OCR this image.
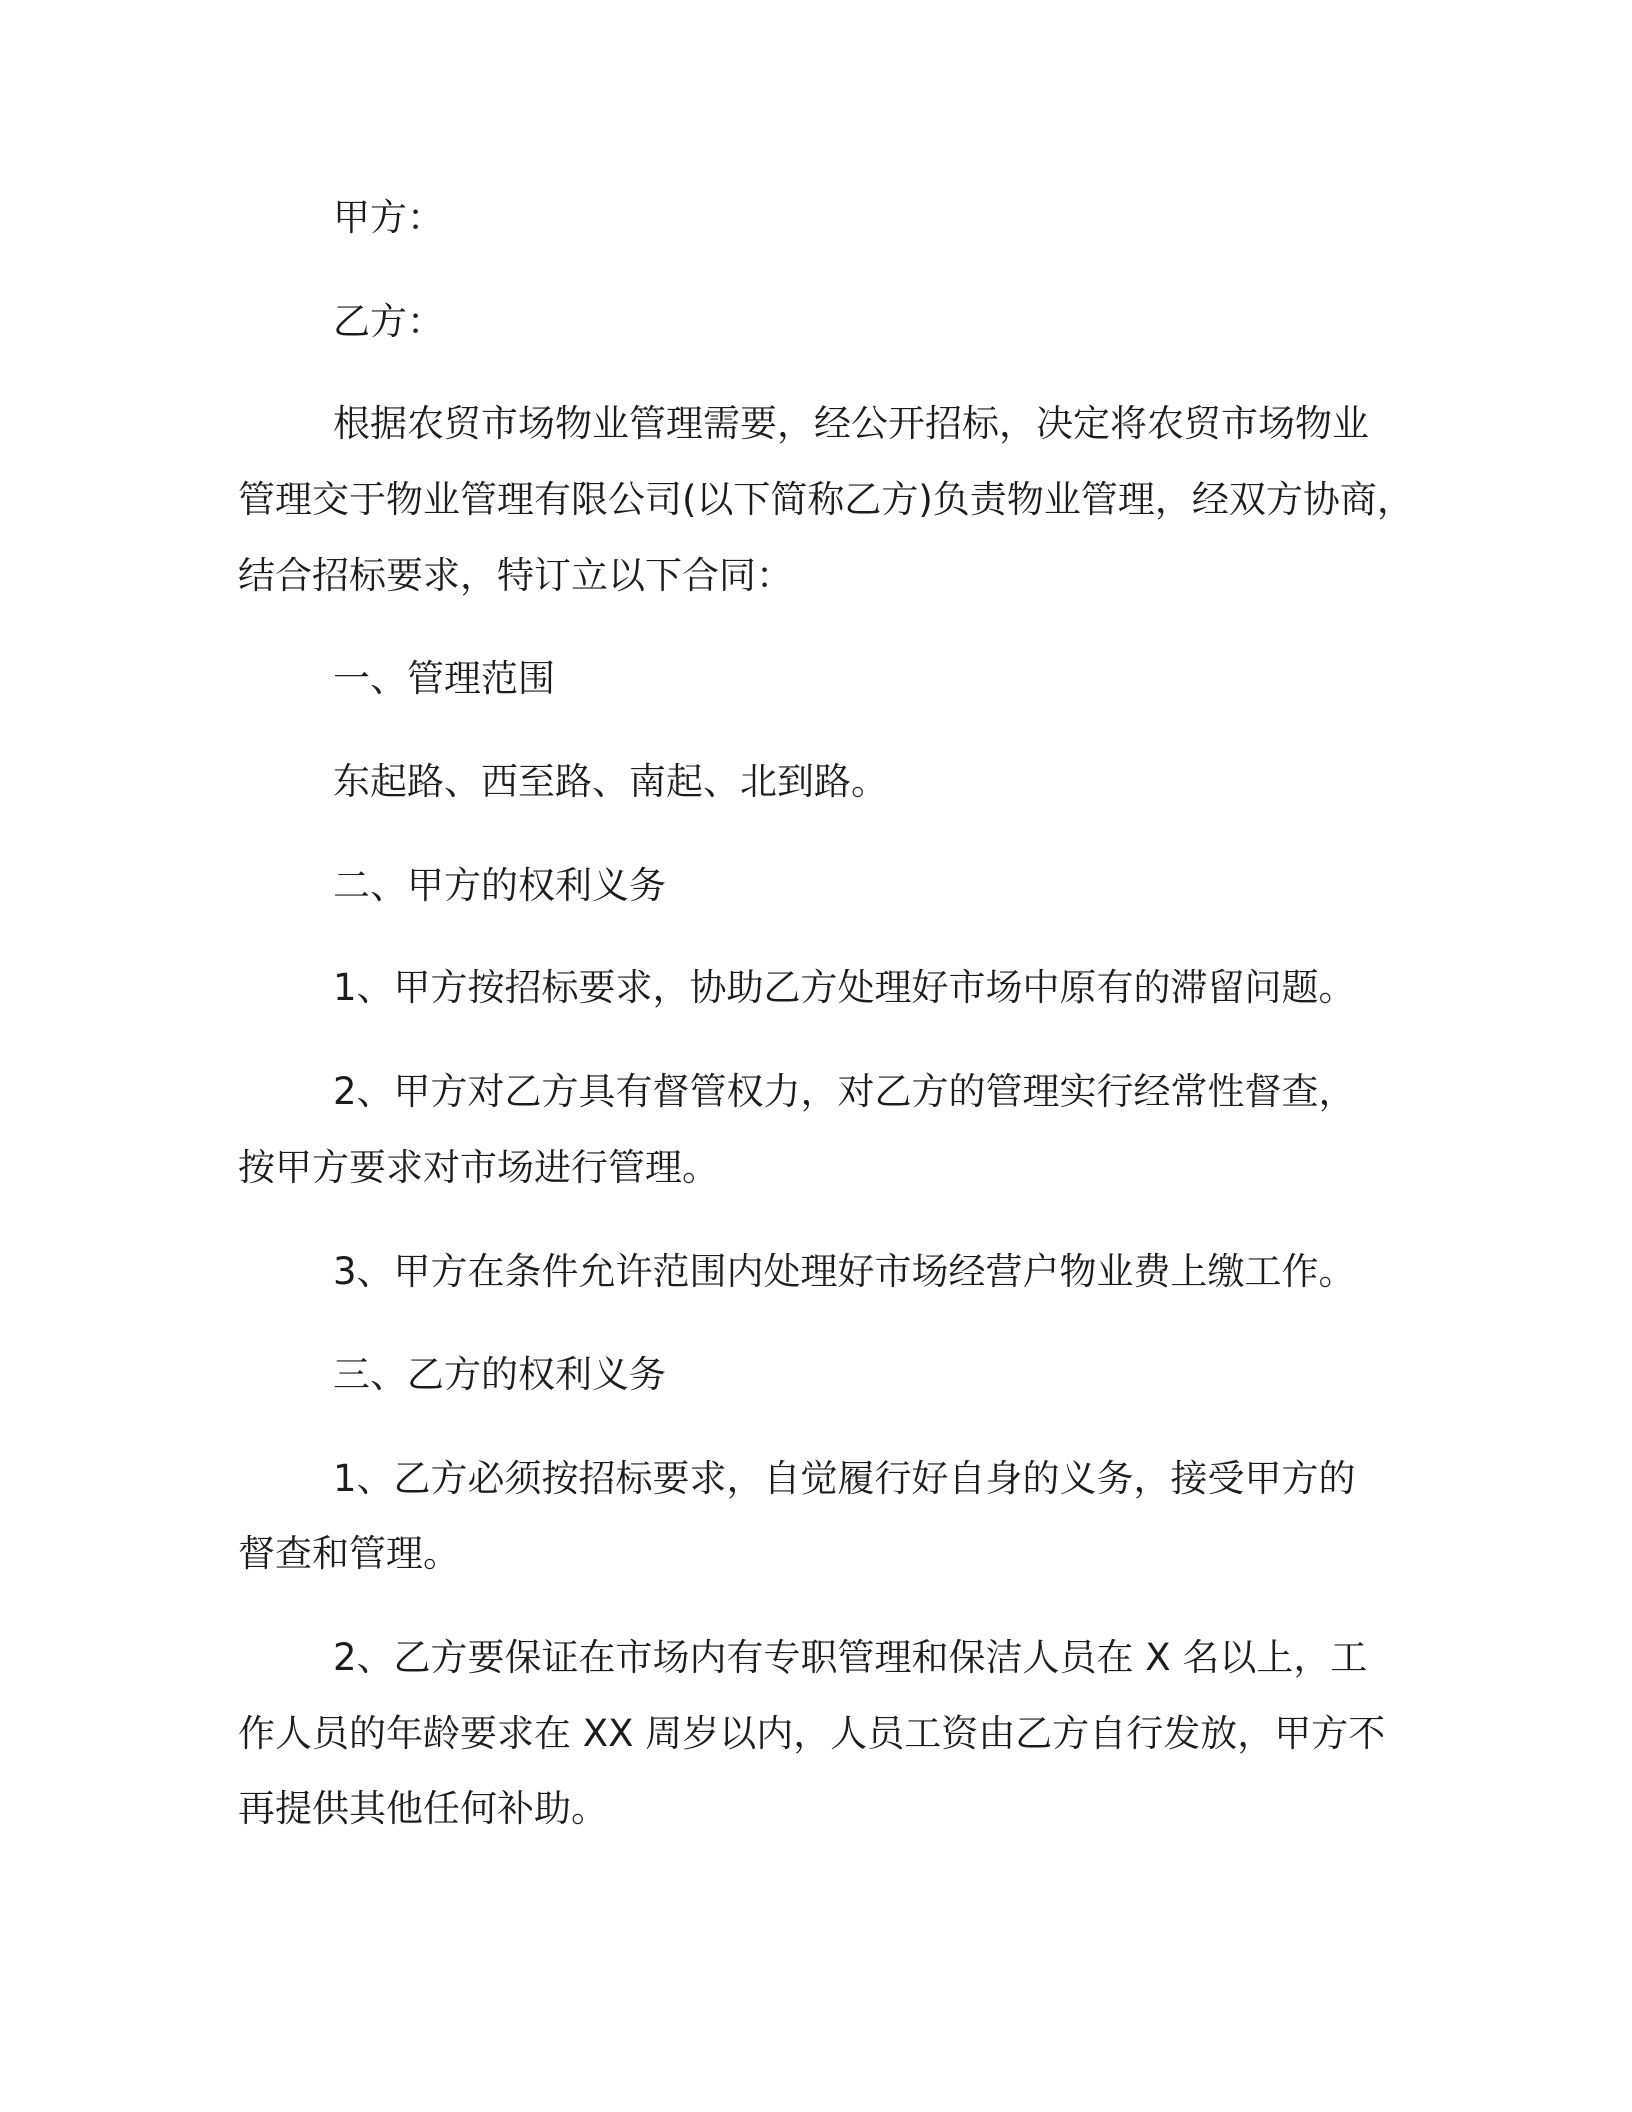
甲方：
乙方：
根据农贸市场物业管理需要，经公开招标，决定将农贸市场物业
管理交于物业管理有限公司(以下简称乙方)负责物业管理，经双方协商，
结合招标要求，特订立以下合同：
一、管理范围
东起路、西至路、南起、北到路。
二、甲方的权利义务
1、甲方按招标要求，协助乙方处理好市场中原有的滞留问题。
2、甲方对乙方具有督管权力，对乙方的管理实行经常性督查，
按甲方要求对市场进行管理。
3、甲方在条件允许范围内处理好市场经营户物业费上缴工作。
三、乙方的权利义务
1、乙方必须按招标要求，自觉履行好自身的义务，接受甲方的
督查和管理。
2、乙方要保证在市场内有专职管理和保洁人员在 X 名以上，工
作人员的年龄要求在 XX 周岁以内，人员工资由乙方自行发放，甲方不
再提供其他任何补助。
